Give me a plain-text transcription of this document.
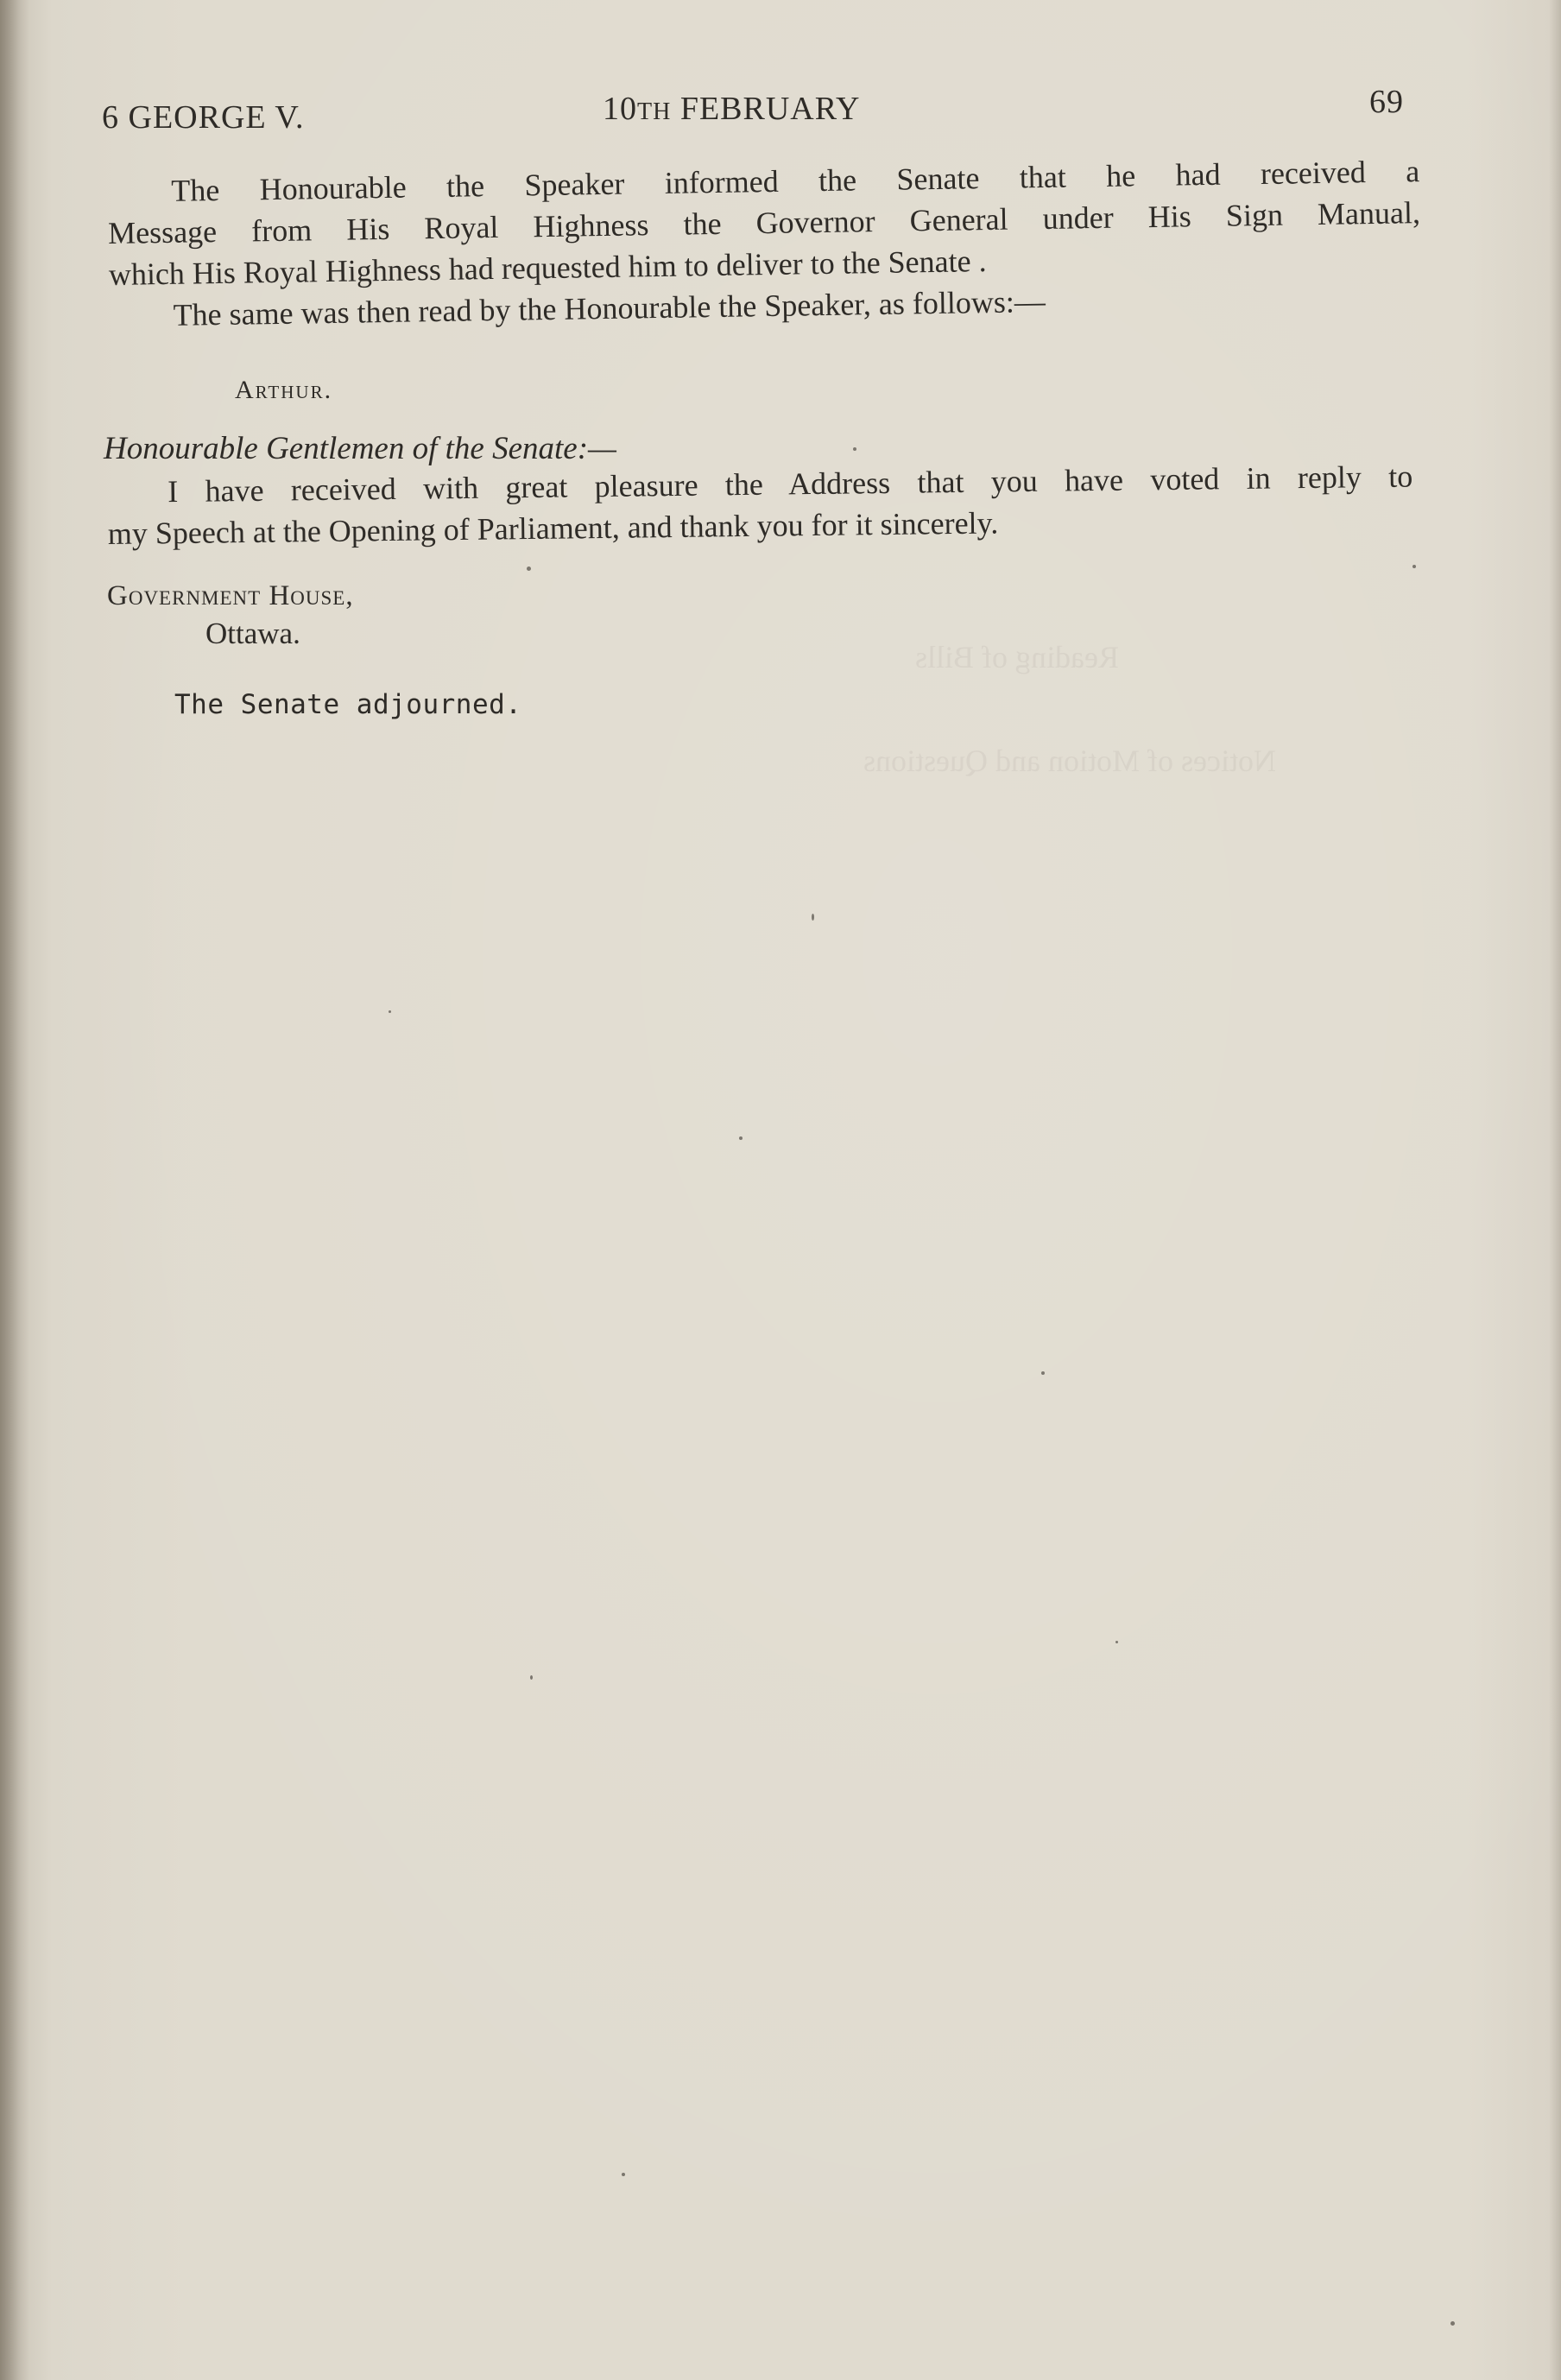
Reading of Bills
Notices of Motion and Questions
6 GEORGE V.	10TH FEBRUARY	69
The Honourable the Speaker informed the Senate that he had received a
Message from His Royal Highness the Governor General under His Sign Manual,
which His Royal Highness had requested him to deliver to the Senate .
The same was then read by the Honourable the Speaker, as follows:—
Arthur.
Honourable Gentlemen of the Senate:—
I have received with great pleasure the Address that you have voted in reply to
my Speech at the Opening of Parliament, and thank you for it sincerely.
Government House,
Ottawa.
The Senate adjourned.
